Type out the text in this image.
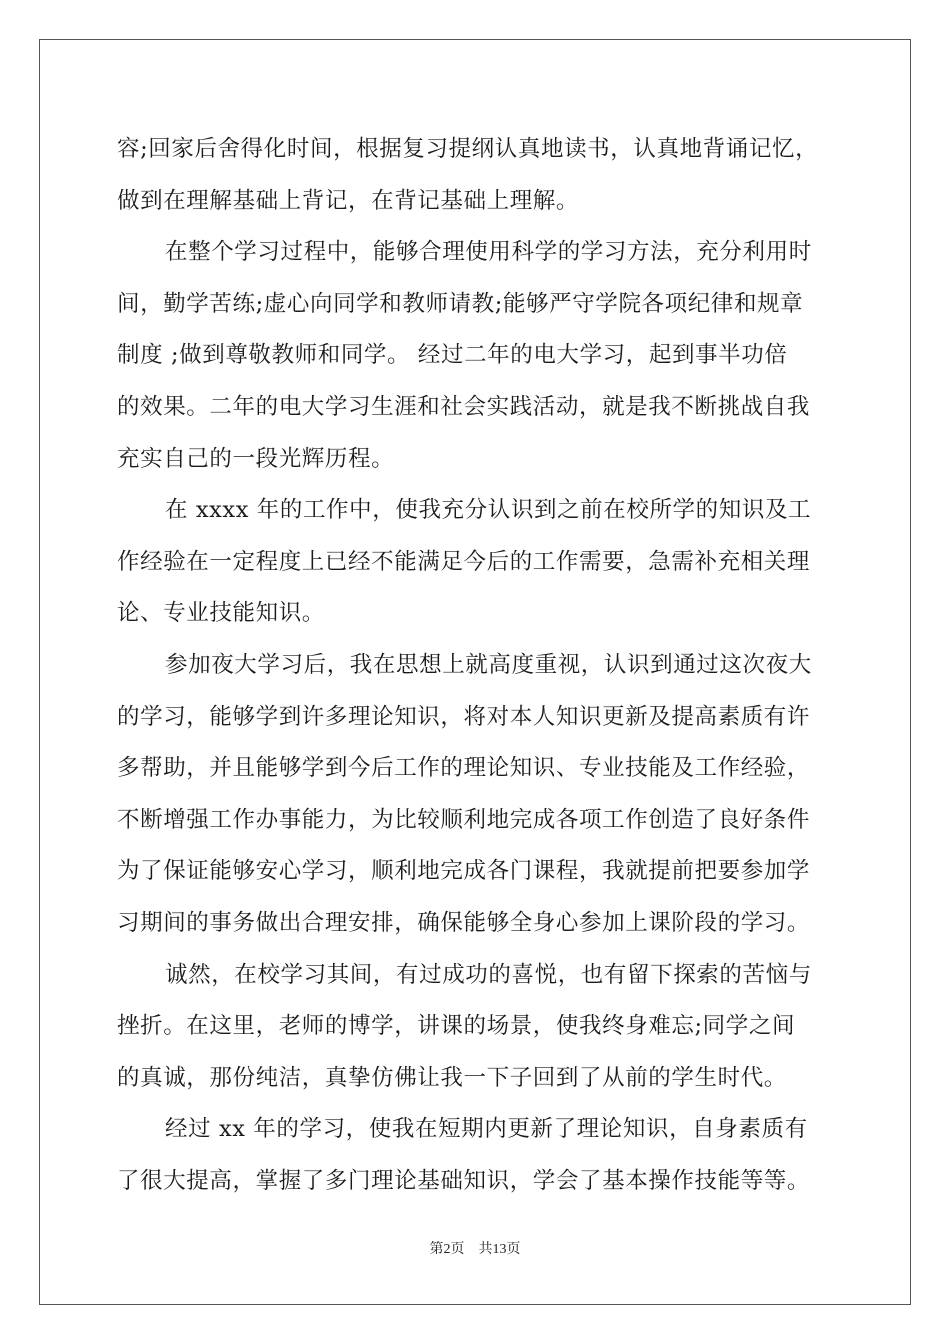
容;回家后舍得化时间，根据复习提纲认真地读书，认真地背诵记忆，
做到在理解基础上背记，在背记基础上理解。
在整个学习过程中，能够合理使用科学的学习方法，充分利用时
间，勤学苦练;虚心向同学和教师请教;能够严守学院各项纪律和规章
制度 ;做到尊敬教师和同学。 经过二年的电大学习，起到事半功倍
的效果。二年的电大学习生涯和社会实践活动，就是我不断挑战自我
充实自己的一段光辉历程。
在 xxxx 年的工作中，使我充分认识到之前在校所学的知识及工
作经验在一定程度上已经不能满足今后的工作需要，急需补充相关理
论、专业技能知识。
参加夜大学习后，我在思想上就高度重视，认识到通过这次夜大
的学习，能够学到许多理论知识，将对本人知识更新及提高素质有许
多帮助，并且能够学到今后工作的理论知识、专业技能及工作经验，
不断增强工作办事能力，为比较顺利地完成各项工作创造了良好条件
为了保证能够安心学习，顺利地完成各门课程，我就提前把要参加学
习期间的事务做出合理安排，确保能够全身心参加上课阶段的学习。
诚然，在校学习其间，有过成功的喜悦，也有留下探索的苦恼与
挫折。在这里，老师的博学，讲课的场景，使我终身难忘;同学之间
的真诚，那份纯洁，真挚仿佛让我一下子回到了从前的学生时代。
经过 xx 年的学习，使我在短期内更新了理论知识，自身素质有
了很大提高，掌握了多门理论基础知识，学会了基本操作技能等等。
第2页 共13页
